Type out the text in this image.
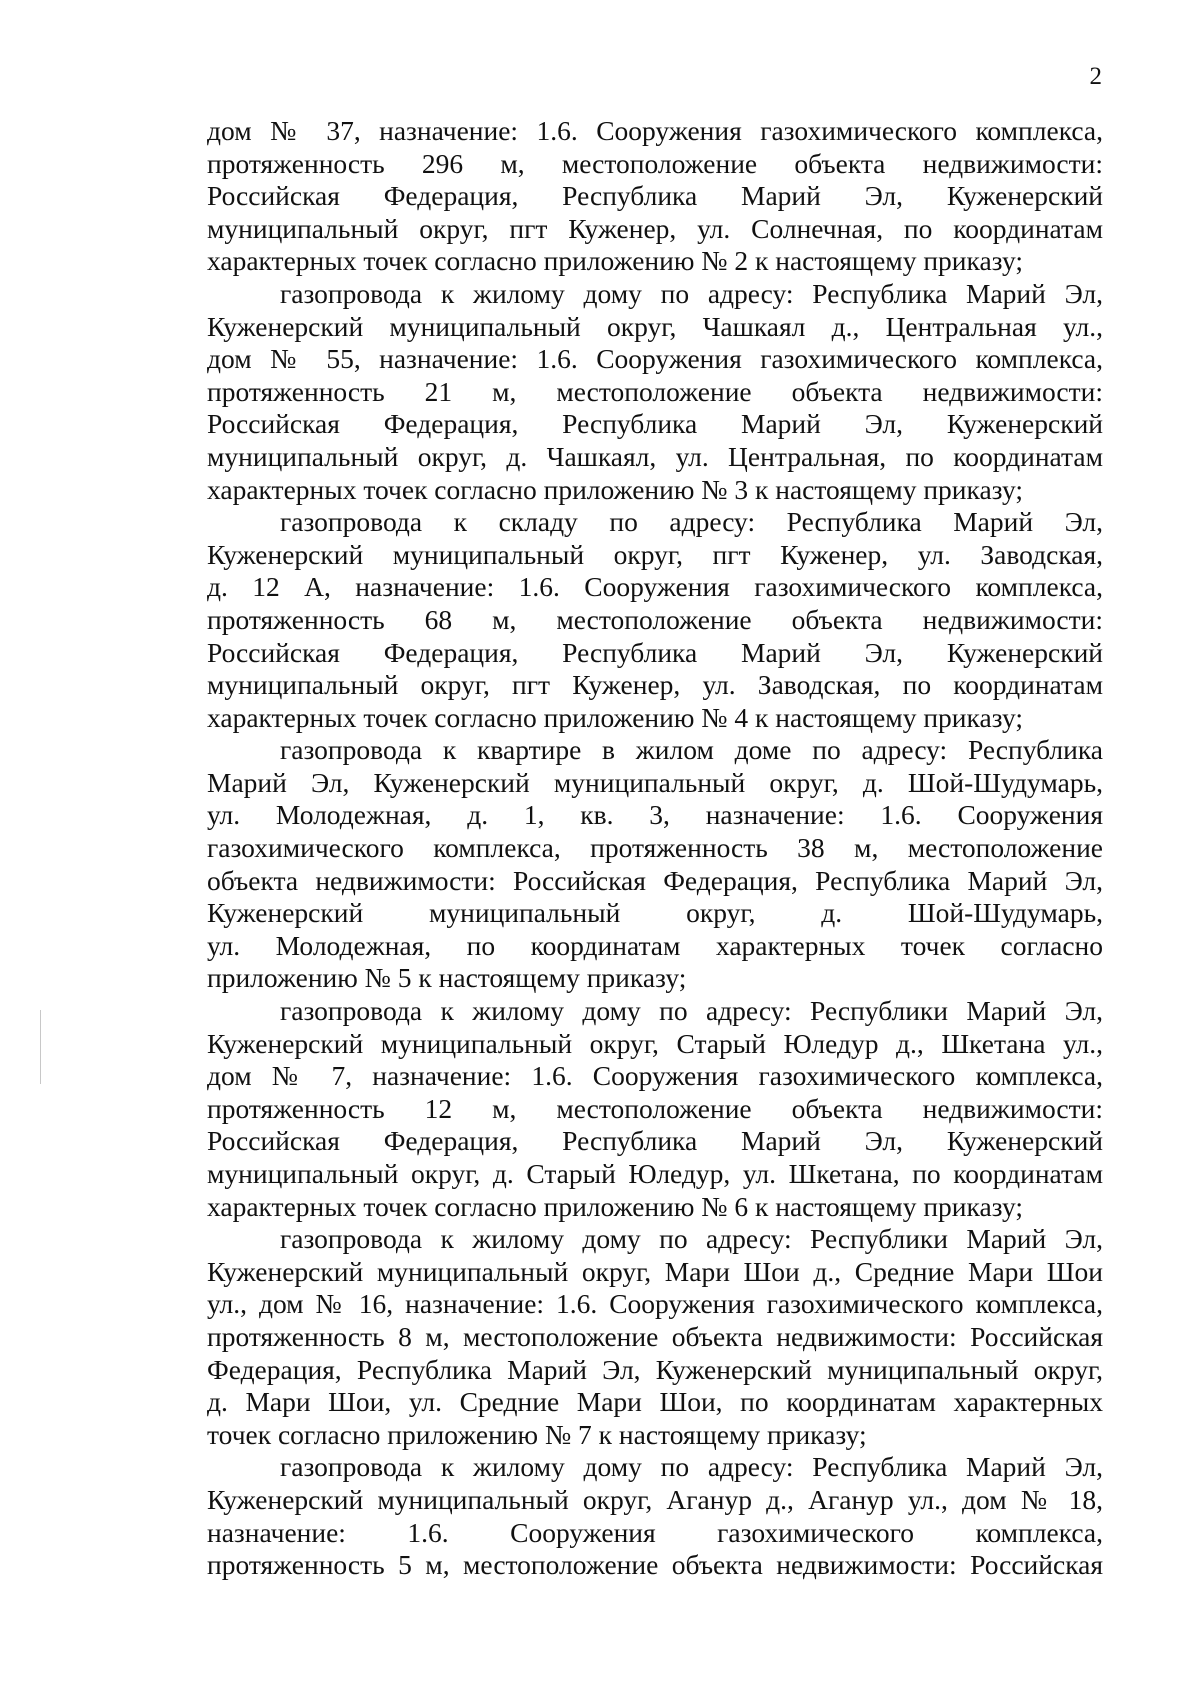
2
дом № 37, назначение: 1.6. Сооружения газохимического комплекса,
протяженность 296 м, местоположение объекта недвижимости:
Российская Федерация, Республика Марий Эл, Куженерский
муниципальный округ, пгт Куженер, ул. Солнечная, по координатам
характерных точек согласно приложению № 2 к настоящему приказу;
газопровода к жилому дому по адресу: Республика Марий Эл,
Куженерский муниципальный округ, Чашкаял д., Центральная ул.,
дом № 55, назначение: 1.6. Сооружения газохимического комплекса,
протяженность 21 м, местоположение объекта недвижимости:
Российская Федерация, Республика Марий Эл, Куженерский
муниципальный округ, д. Чашкаял, ул. Центральная, по координатам
характерных точек согласно приложению № 3 к настоящему приказу;
газопровода к складу по адресу: Республика Марий Эл,
Куженерский муниципальный округ, пгт Куженер, ул. Заводская,
д. 12 А, назначение: 1.6. Сооружения газохимического комплекса,
протяженность 68 м, местоположение объекта недвижимости:
Российская Федерация, Республика Марий Эл, Куженерский
муниципальный округ, пгт Куженер, ул. Заводская, по координатам
характерных точек согласно приложению № 4 к настоящему приказу;
газопровода к квартире в жилом доме по адресу: Республика
Марий Эл, Куженерский муниципальный округ, д. Шой-Шудумарь,
ул. Молодежная, д. 1, кв. 3, назначение: 1.6. Сооружения
газохимического комплекса, протяженность 38 м, местоположение
объекта недвижимости: Российская Федерация, Республика Марий Эл,
Куженерский муниципальный округ, д. Шой-Шудумарь,
ул. Молодежная, по координатам характерных точек согласно
приложению № 5 к настоящему приказу;
газопровода к жилому дому по адресу: Республики Марий Эл,
Куженерский муниципальный округ, Старый Юледур д., Шкетана ул.,
дом № 7, назначение: 1.6. Сооружения газохимического комплекса,
протяженность 12 м, местоположение объекта недвижимости:
Российская Федерация, Республика Марий Эл, Куженерский
муниципальный округ, д. Старый Юледур, ул. Шкетана, по координатам
характерных точек согласно приложению № 6 к настоящему приказу;
газопровода к жилому дому по адресу: Республики Марий Эл,
Куженерский муниципальный округ, Мари Шои д., Средние Мари Шои
ул., дом № 16, назначение: 1.6. Сооружения газохимического комплекса,
протяженность 8 м, местоположение объекта недвижимости: Российская
Федерация, Республика Марий Эл, Куженерский муниципальный округ,
д. Мари Шои, ул. Средние Мари Шои, по координатам характерных
точек согласно приложению № 7 к настоящему приказу;
газопровода к жилому дому по адресу: Республика Марий Эл,
Куженерский муниципальный округ, Аганур д., Аганур ул., дом № 18,
назначение: 1.6. Сооружения газохимического комплекса,
протяженность 5 м, местоположение объекта недвижимости: Российская
